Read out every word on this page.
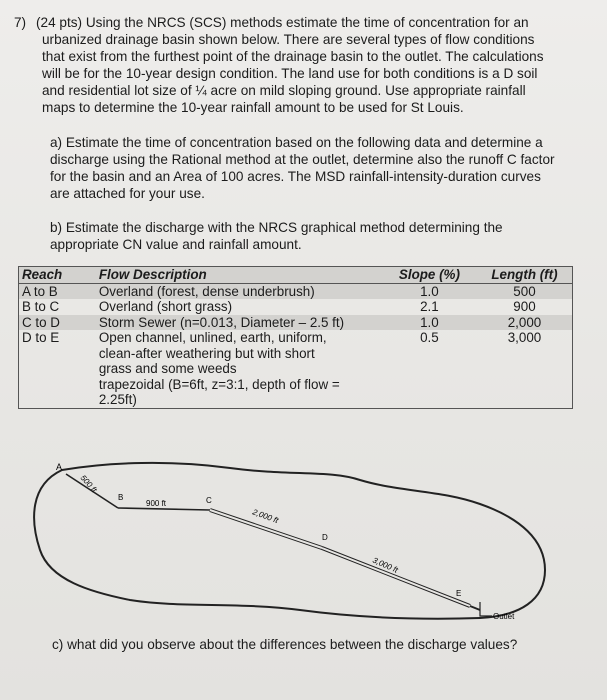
7) (24 pts) Using the NRCS (SCS) methods estimate the time of concentration for an
urbanized drainage basin shown below. There are several types of flow conditions
that exist from the furthest point of the drainage basin to the outlet. The calculations
will be for the 10-year design condition. The land use for both conditions is a D soil
and residential lot size of ¼ acre on mild sloping ground. Use appropriate rainfall
maps to determine the 10-year rainfall amount to be used for St Louis.
a) Estimate the time of concentration based on the following data and determine a
discharge using the Rational method at the outlet, determine also the runoff C factor
for the basin and an Area of 100 acres. The MSD rainfall-intensity-duration curves
are attached for your use.
b) Estimate the discharge with the NRCS graphical method determining the
appropriate CN value and rainfall amount.
Reach	Flow Description	Slope (%)	Length (ft)
A to B	Overland (forest, dense underbrush)	1.0	500
B to C	Overland (short grass)	2.1	900
C to D	Storm Sewer (n=0.013, Diameter – 2.5 ft)	1.0	2,000
D to E	Open channel, unlined, earth, uniform,
clean-after weathering but with short
grass and some weeds
trapezoidal (B=6ft, z=3:1, depth of flow =
2.25ft)	0.5	3,000
A
B	C
D
E
500 ft
900 ft
2,000 ft
3,000 ft
Outlet
c) what did you observe about the differences between the discharge values?
